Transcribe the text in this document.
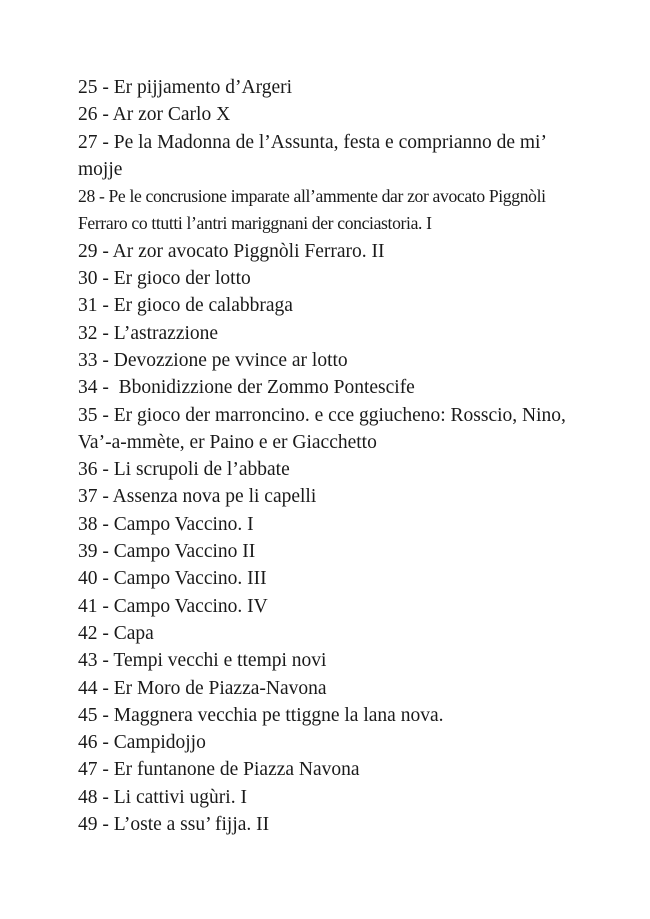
25 - Er pijjamento d’Argeri
26 - Ar zor Carlo X
27 - Pe la Madonna de l’Assunta, festa e comprianno de mi’ mojje
28 - Pe le concrusione imparate all’ammente dar zor avocato Piggnòli Ferraro co ttutti l’antri mariggnani der conciastoria. I
29 - Ar zor avocato Piggnòli Ferraro. II
30 - Er gioco der lotto
31 - Er gioco de calabbraga
32 - L’astrazzione
33 - Devozzione pe vvince ar lotto
34 -  Bbonidizzione der Zommo Pontescife
35 - Er gioco der marroncino. e cce ggiucheno: Rosscio, Nino, Va’-a-mmète, er Paino e er Giacchetto
36 - Li scrupoli de l’abbate
37 - Assenza nova pe li capelli
38 - Campo Vaccino. I
39 - Campo Vaccino II
40 - Campo Vaccino. III
41 - Campo Vaccino. IV
42 - Capa
43 - Tempi vecchi e ttempi novi
44 - Er Moro de Piazza-Navona
45 - Maggnera vecchia pe ttiggne la lana nova.
46 - Campidojjo
47 - Er funtanone de Piazza Navona
48 - Li cattivi ugùri. I
49 - L’oste a ssu’ fijja. II
